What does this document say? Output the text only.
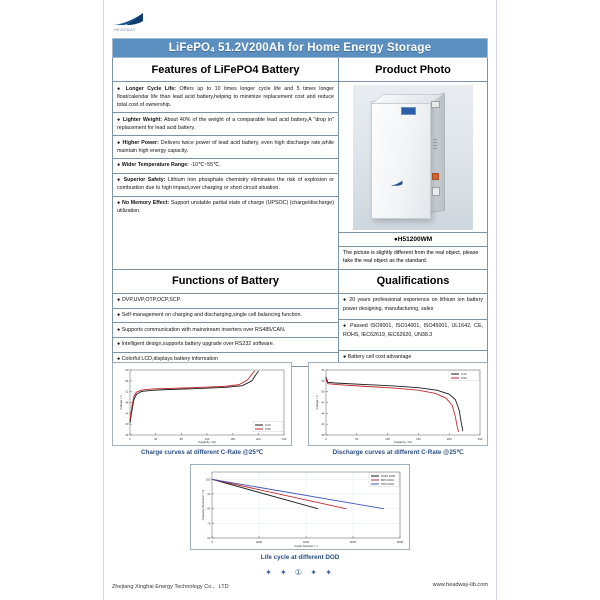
HEADWAY
LiFePO$_4$ 51.2V200Ah for Home Energy Storage
Features of LiFePO4 Battery	Product Photo
● Longer Cycle Life: Offers up to 10 times longer cycle life and 5 times longer float/calendar life than lead acid battery,helping to minimize replacement cost and reduce total cost of ownership.
● Lighter Weight: About 40% of the weight of a comparable lead acid battery,A "drop in" replacement for lead acid battery.
● Higher Power: Delivers twice power of lead acid battery, even high discharge rate,while maintain high energy capacity.
● Wider Temperature Range: -10℃~55℃.
● Superior Safety: Lithium iron phosphate chemistry eliminates the risk of explosion or combustion due to high impact,over charging or short circuit situation.
● No Memory Effect: Support unstable partial state of charge (UPSOC) (charge/discharge) utilization.
●H51200WM
The picture is slightly different from the real object, please take the real object as the standard.
Functions of Battery	Qualifications
● OVP,UVP,OTP,OCP,SCP.
● Self-management on charging and discharging,single cell balancing function.
● Supports communication with mainstream inverters over RS485/CAN.
● Intelligent design,supports battery upgrade over RS232 software.
● Colorful LCD,displays battery information
● 20 years professional experience on lithium ion battery power designing, manufacturing, sales
● Passed ISO9001, ISO14001, ISO45001, UL1642, CE, ROHS, IEC62619, IEC62620, UN38.3
● Battery cell cost advantage
0	40	80	120	160	200	240
36
40
44
48
52
56
60
Capacity / Ah
Voltage / V
0.2C
0.5C
Charge curves at different C-Rate @25℃
0	50	100	150	200	250
38
41
44
47
50
53
56
Capacity / Ah
Voltage / V
0.2C
0.5C
Discharge curves at different C-Rate @25℃
0	2000	4000	6000	8000
60
70
80
90
100
Cycle Number / n
Capacity Retention / %
100% DOD
80% DOD
70% DOD
Life cycle at different DOD
✦ ✦ ① ✦ ✦
Zhejiang Xinghai Energy Technology Co.，LTD	www.headway-lib.com
